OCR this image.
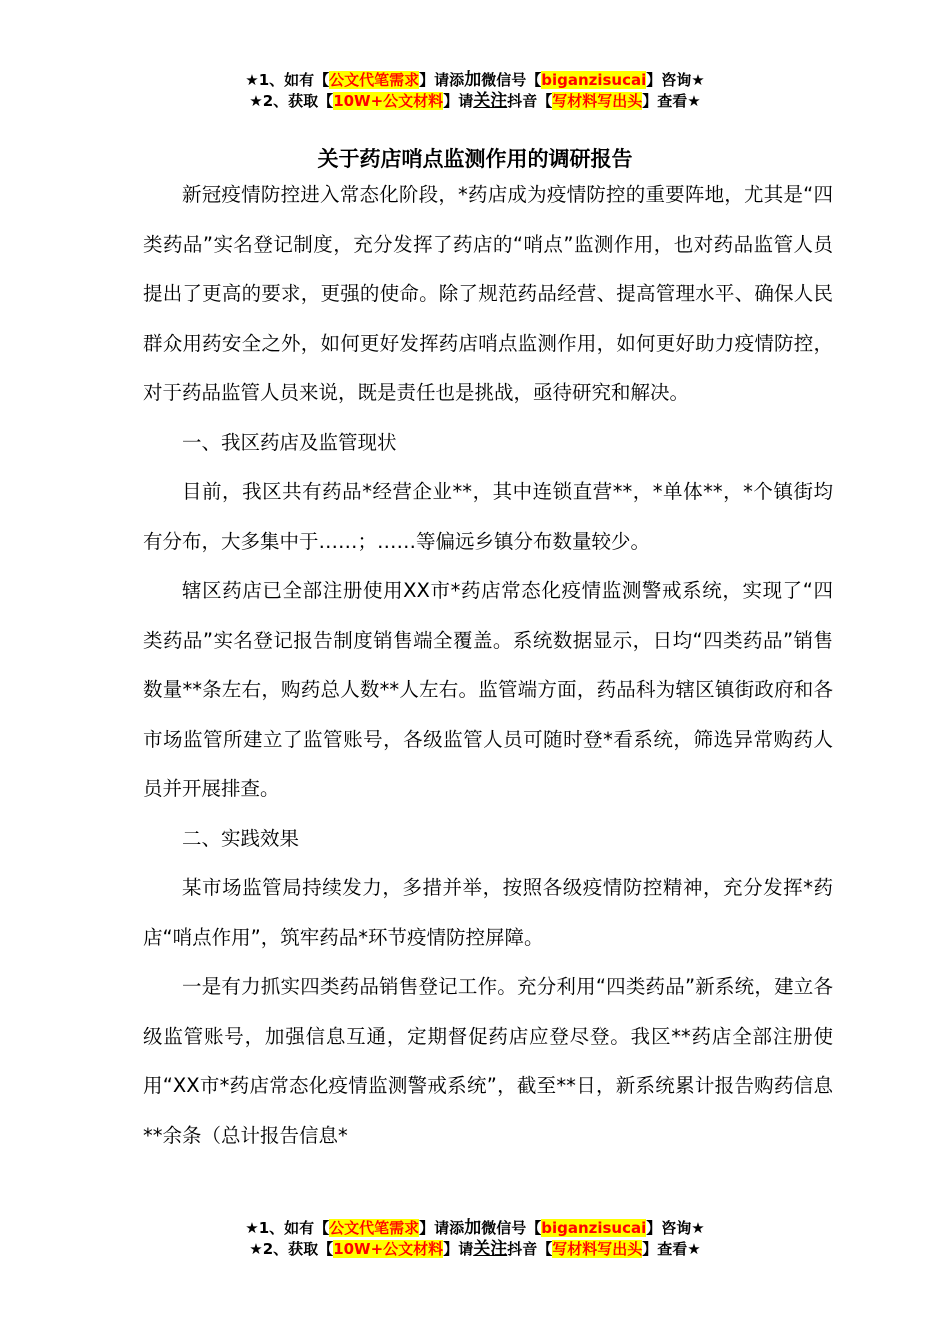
★1、如有【公文代笔需求】请添加微信号【biganzisucai】咨询★
★2、获取【10W+公文材料】请关注抖音【写材料写出头】查看★
关于药店哨点监测作用的调研报告

新冠疫情防控进入常态化阶段，*药店成为疫情防控的重要阵地，尤其是“四类药品”实名登记制度，充分发挥了药店的“哨点”监测作用，也对药品监管人员提出了更高的要求，更强的使命。除了规范药品经营、提高管理水平、确保人民群众用药安全之外，如何更好发挥药店哨点监测作用，如何更好助力疫情防控，对于药品监管人员来说，既是责任也是挑战，亟待研究和解决。

一、我区药店及监管现状

目前，我区共有药品*经营企业**，其中连锁直营**，*单体**，*个镇街均有分布，大多集中于……；……等偏远乡镇分布数量较少。

辖区药店已全部注册使用XX市*药店常态化疫情监测警戒系统，实现了“四类药品”实名登记报告制度销售端全覆盖。系统数据显示，日均“四类药品”销售数量**条左右，购药总人数**人左右。监管端方面，药品科为辖区镇街政府和各市场监管所建立了监管账号，各级监管人员可随时登*看系统，筛选异常购药人员并开展排查。

二、实践效果

某市场监管局持续发力，多措并举，按照各级疫情防控精神，充分发挥*药店“哨点作用”，筑牢药品*环节疫情防控屏障。

一是有力抓实四类药品销售登记工作。充分利用“四类药品”新系统，建立各级监管账号，加强信息互通，定期督促药店应登尽登。我区**药店全部注册使用“XX市*药店常态化疫情监测警戒系统”，截至**日，新系统累计报告购药信息**余条（总计报告信息*

★1、如有【公文代笔需求】请添加微信号【biganzisucai】咨询★
★2、获取【10W+公文材料】请关注抖音【写材料写出头】查看★
